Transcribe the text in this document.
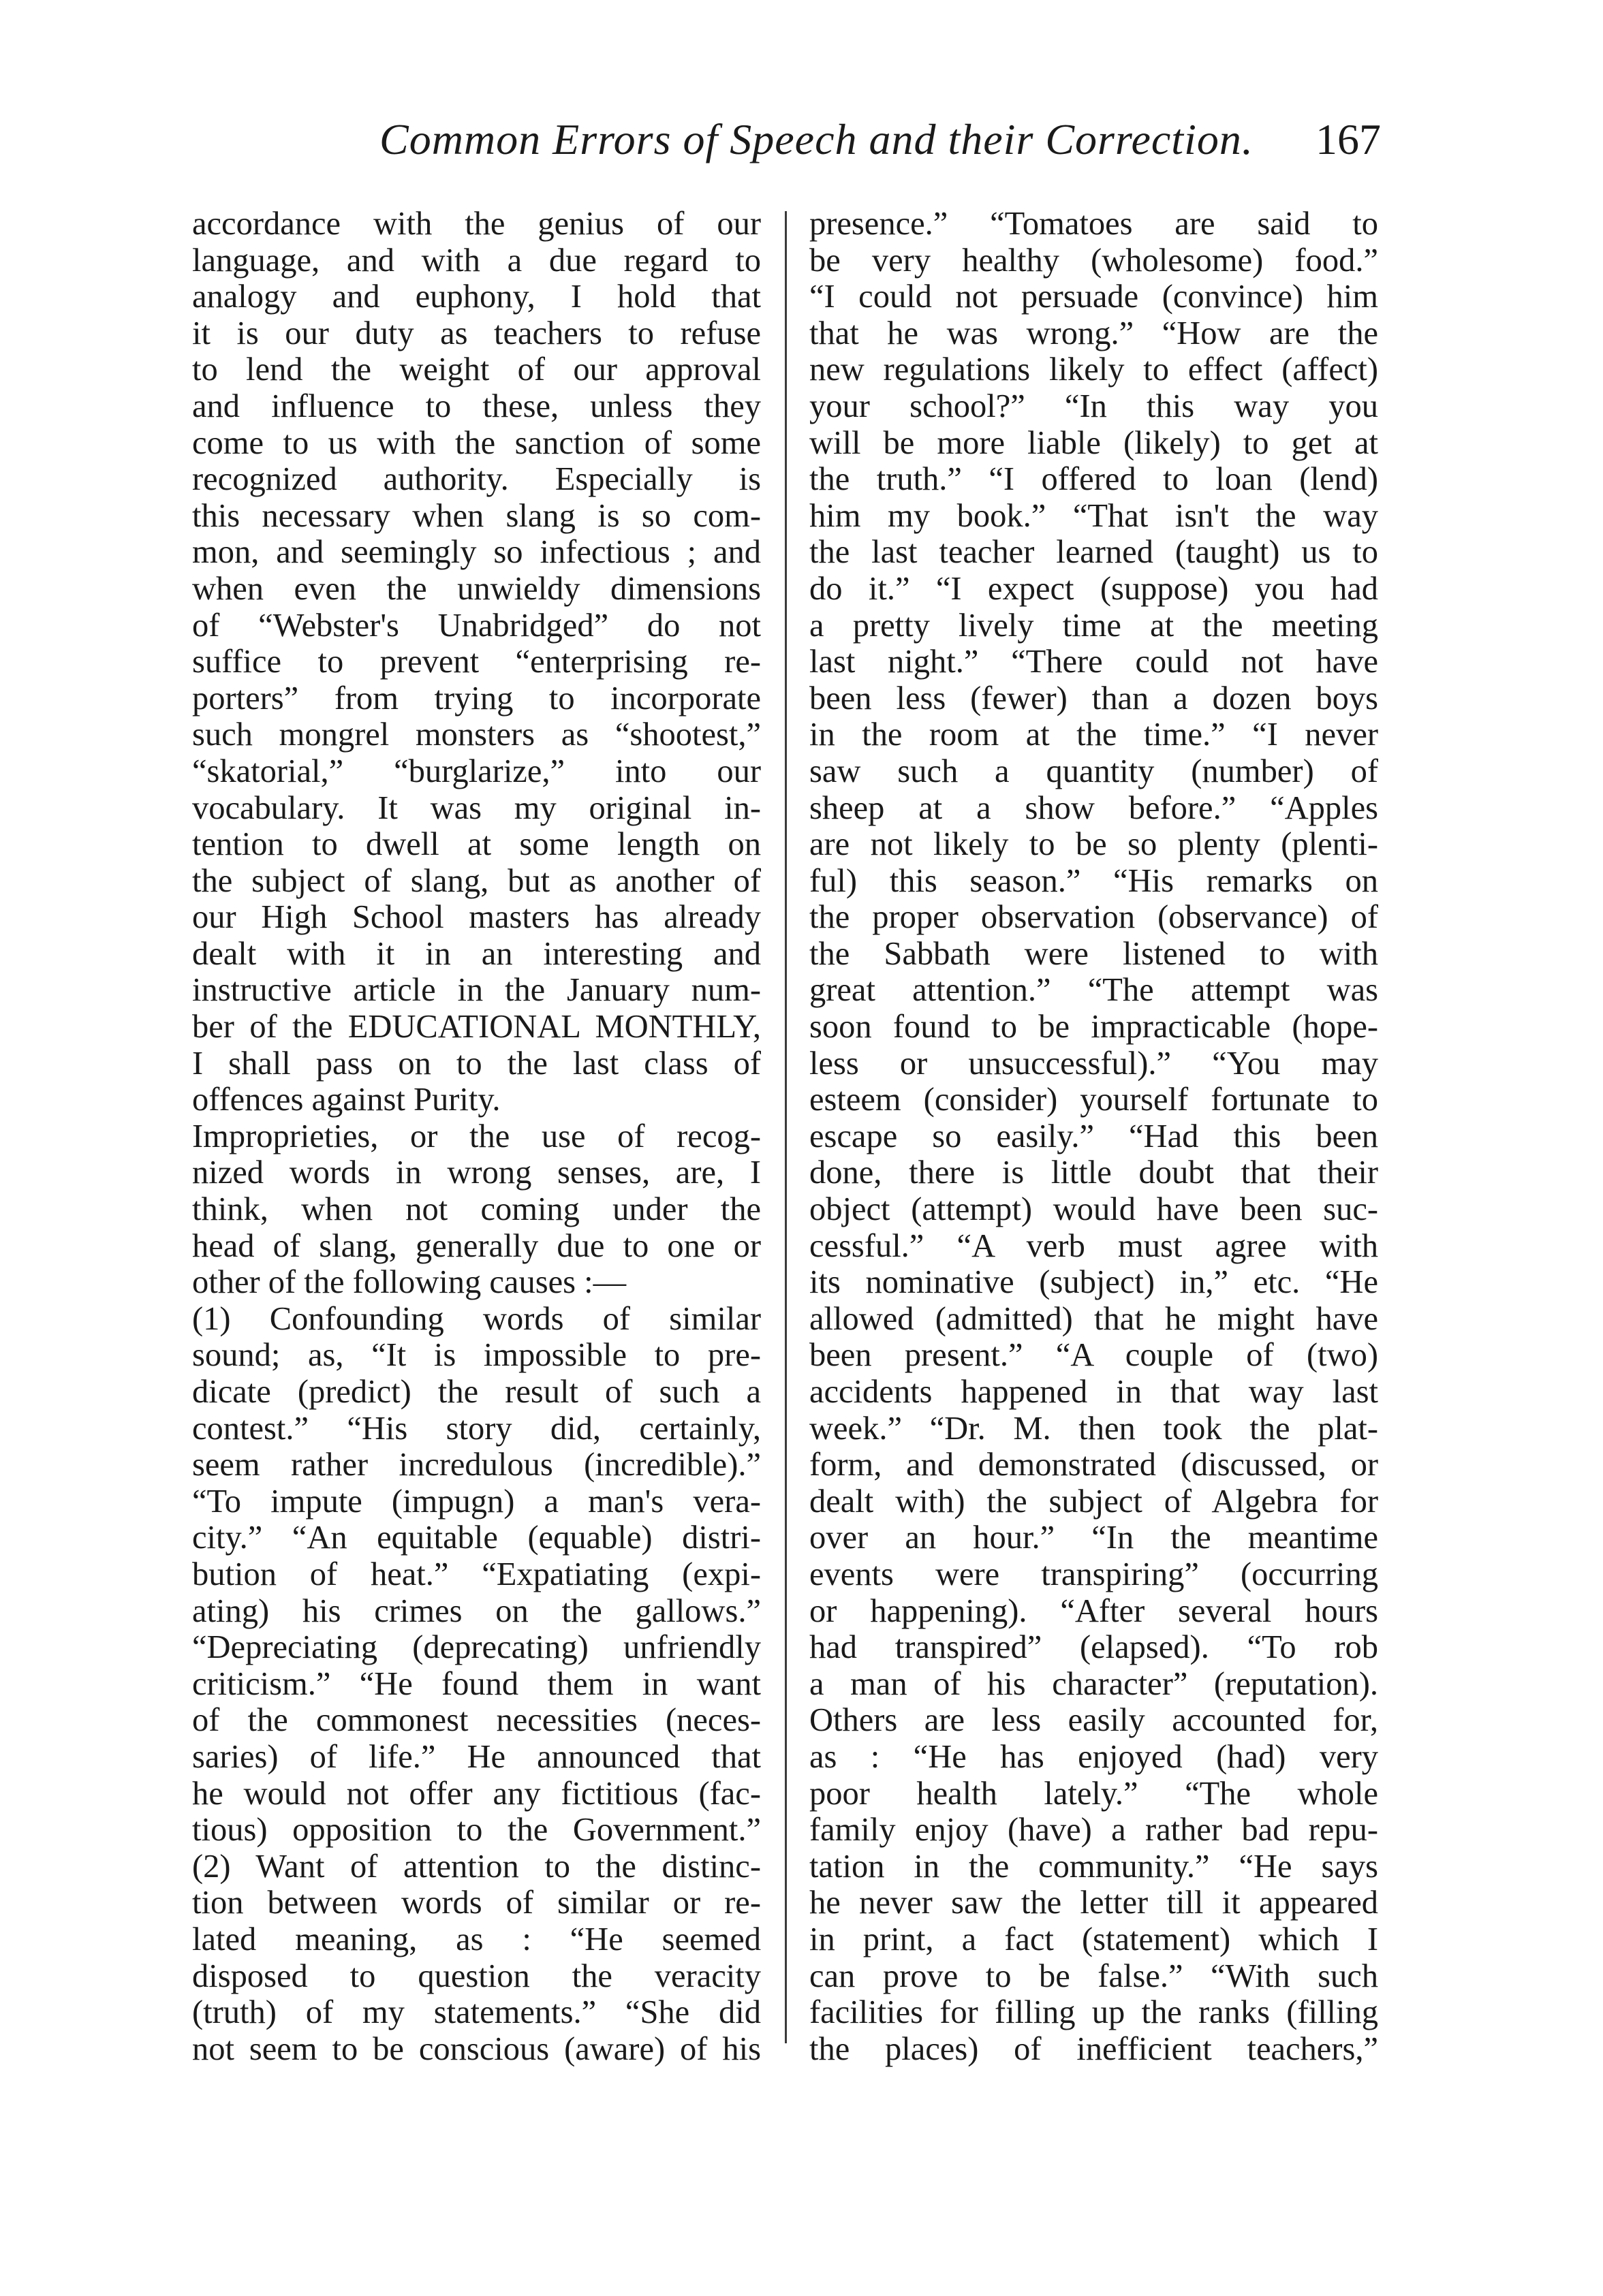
Common Errors of Speech and their Correction. 167
accordance with the genius of our
language, and with a due regard to
analogy and euphony, I hold that
it is our duty as teachers to refuse
to lend the weight of our approval
and influence to these, unless they
come to us with the sanction of some
recognized authority. Especially is
this necessary when slang is so com-
mon, and seemingly so infectious ; and
when even the unwieldy dimensions
of “Webster's Unabridged” do not
suffice to prevent “enterprising re-
porters” from trying to incorporate
such mongrel monsters as “shootest,”
“skatorial,” “burglarize,” into our
vocabulary. It was my original in-
tention to dwell at some length on
the subject of slang, but as another of
our High School masters has already
dealt with it in an interesting and
instructive article in the January num-
ber of the EDUCATIONAL MONTHLY,
I shall pass on to the last class of
offences against Purity.
Improprieties, or the use of recog-
nized words in wrong senses, are, I
think, when not coming under the
head of slang, generally due to one or
other of the following causes :—
(1) Confounding words of similar
sound; as, “It is impossible to pre-
dicate (predict) the result of such a
contest.” “His story did, certainly,
seem rather incredulous (incredible).”
“To impute (impugn) a man's vera-
city.” “An equitable (equable) distri-
bution of heat.” “Expatiating (expi-
ating) his crimes on the gallows.”
“Depreciating (deprecating) unfriendly
criticism.” “He found them in want
of the commonest necessities (neces-
saries) of life.” He announced that
he would not offer any fictitious (fac-
tious) opposition to the Government.”
(2) Want of attention to the distinc-
tion between words of similar or re-
lated meaning, as : “He seemed
disposed to question the veracity
(truth) of my statements.” “She did
not seem to be conscious (aware) of his
presence.” “Tomatoes are said to
be very healthy (wholesome) food.”
“I could not persuade (convince) him
that he was wrong.” “How are the
new regulations likely to effect (affect)
your school?” “In this way you
will be more liable (likely) to get at
the truth.” “I offered to loan (lend)
him my book.” “That isn't the way
the last teacher learned (taught) us to
do it.” “I expect (suppose) you had
a pretty lively time at the meeting
last night.” “There could not have
been less (fewer) than a dozen boys
in the room at the time.” “I never
saw such a quantity (number) of
sheep at a show before.” “Apples
are not likely to be so plenty (plenti-
ful) this season.” “His remarks on
the proper observation (observance) of
the Sabbath were listened to with
great attention.” “The attempt was
soon found to be impracticable (hope-
less or unsuccessful).” “You may
esteem (consider) yourself fortunate to
escape so easily.” “Had this been
done, there is little doubt that their
object (attempt) would have been suc-
cessful.” “A verb must agree with
its nominative (subject) in,” etc. “He
allowed (admitted) that he might have
been present.” “A couple of (two)
accidents happened in that way last
week.” “Dr. M. then took the plat-
form, and demonstrated (discussed, or
dealt with) the subject of Algebra for
over an hour.” “In the meantime
events were transpiring” (occurring
or happening). “After several hours
had transpired” (elapsed). “To rob
a man of his character” (reputation).
Others are less easily accounted for,
as : “He has enjoyed (had) very
poor health lately.” “The whole
family enjoy (have) a rather bad repu-
tation in the community.” “He says
he never saw the letter till it appeared
in print, a fact (statement) which I
can prove to be false.” “With such
facilities for filling up the ranks (filling
the places) of inefficient teachers,”
